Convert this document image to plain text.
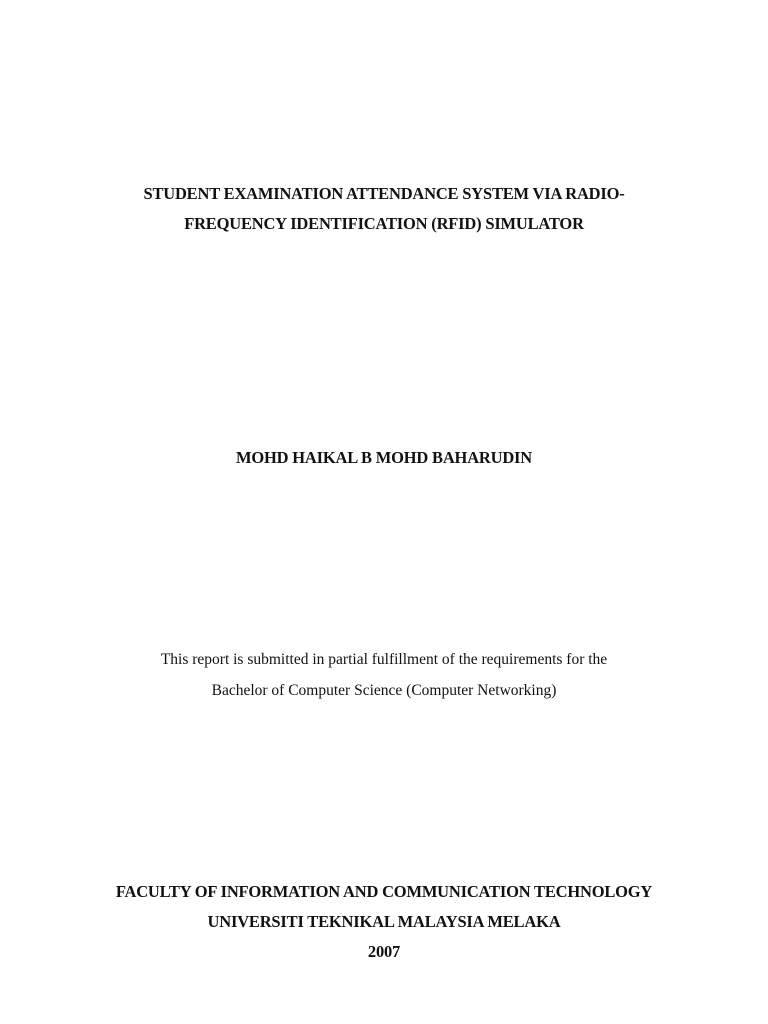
STUDENT EXAMINATION ATTENDANCE SYSTEM VIA RADIO-
FREQUENCY IDENTIFICATION (RFID) SIMULATOR
MOHD HAIKAL B MOHD BAHARUDIN
This report is submitted in partial fulfillment of the requirements for the
Bachelor of Computer Science (Computer Networking)
FACULTY OF INFORMATION AND COMMUNICATION TECHNOLOGY
UNIVERSITI TEKNIKAL MALAYSIA MELAKA
2007
